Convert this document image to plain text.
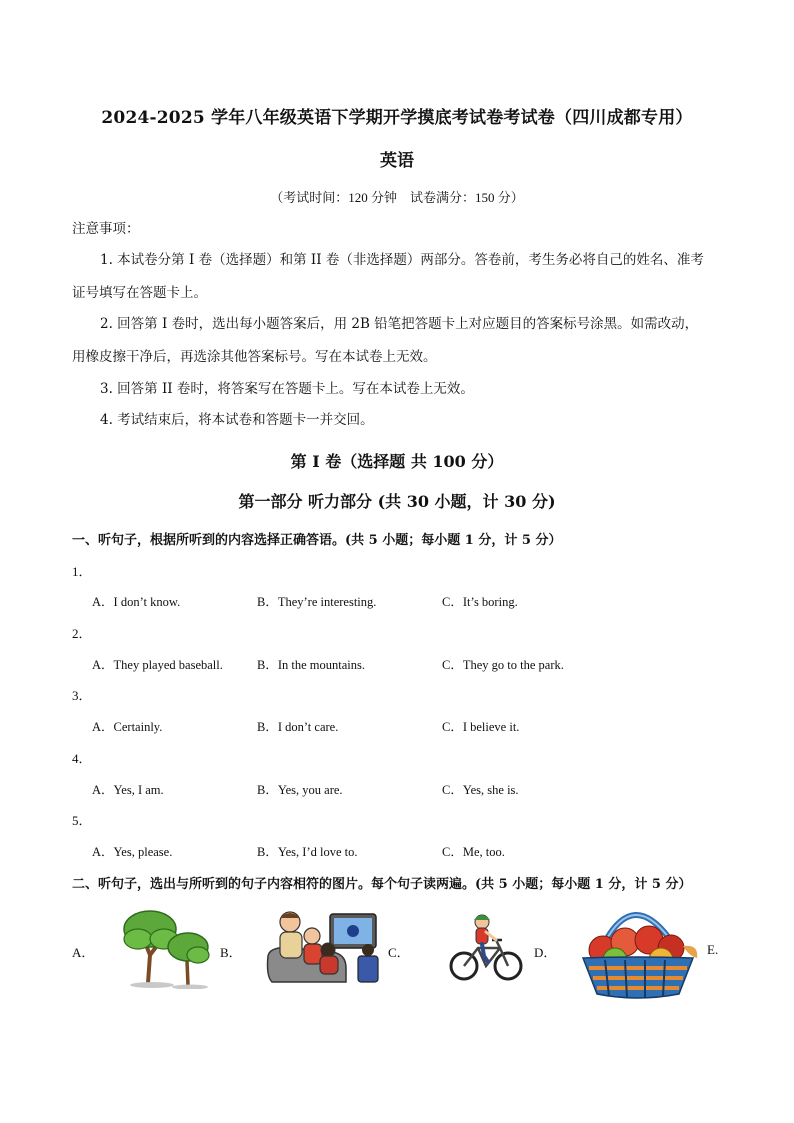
2024-2025 学年八年级英语下学期开学摸底考试卷考试卷（四川成都专用）
英语
（考试时间：120 分钟　试卷满分：150 分）
注意事项：
1. 本试卷分第 I 卷（选择题）和第 II 卷（非选择题）两部分。答卷前，考生务必将自己的姓名、准考
证号填写在答题卡上。
2. 回答第 I 卷时，选出每小题答案后，用 2B 铅笔把答题卡上对应题目的答案标号涂黑。如需改动，
用橡皮擦干净后，再选涂其他答案标号。写在本试卷上无效。
3. 回答第 II 卷时，将答案写在答题卡上。写在本试卷上无效。
4. 考试结束后，将本试卷和答题卡一并交回。
第 I 卷（选择题 共 100 分）
第一部分 听力部分 (共 30 小题，计 30 分)
一、听句子，根据所听到的内容选择正确答语。(共 5 小题；每小题 1 分，计 5 分）
1．
A．I don’t know.	B．They’re interesting.	C．It’s boring.
2．
A．They played baseball.	B．In the mountains.	C．They go to the park.
3．
A．Certainly.	B．I don’t care.	C．I believe it.
4．
A．Yes, I am.	B．Yes, you are.	C．Yes, she is.
5．
A．Yes, please.	B．Yes, I’d love to.	C．Me, too.
二、听句子，选出与所听到的句子内容相符的图片。每个句子读两遍。(共 5 小题；每小题 1 分，计 5 分）
A．	B．	C．	D．	E.
